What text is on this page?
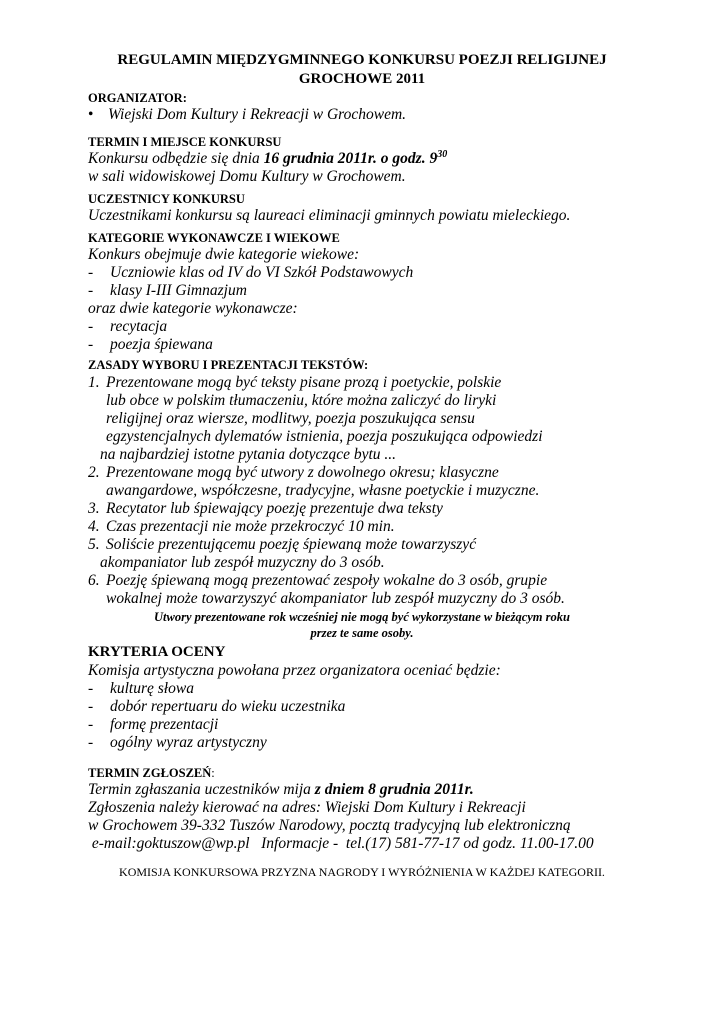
REGULAMIN MIĘDZYGMINNEGO KONKURSU POEZJI RELIGIJNEJ
GROCHOWE 2011
ORGANIZATOR:
• Wiejski Dom Kultury i Rekreacji w Grochowem.
TERMIN I MIEJSCE KONKURSU
Konkursu odbędzie się dnia 16 grudnia 2011r. o godz. $9^{30}$
w sali widowiskowej Domu Kultury w Grochowem.
UCZESTNICY KONKURSU
Uczestnikami konkursu są laureaci eliminacji gminnych powiatu mieleckiego.
KATEGORIE WYKONAWCZE I WIEKOWE
Konkurs obejmuje dwie kategorie wiekowe:
- Uczniowie klas od IV do VI Szkół Podstawowych
- klasy I-III Gimnazjum
oraz dwie kategorie wykonawcze:
- recytacja
- poezja śpiewana
ZASADY WYBORU I PREZENTACJI TEKSTÓW:
1. Prezentowane mogą być teksty pisane prozą i poetyckie, polskie
lub obce w polskim tłumaczeniu, które można zaliczyć do liryki
religijnej oraz wiersze, modlitwy, poezja poszukująca sensu
egzystencjalnych dylematów istnienia, poezja poszukująca odpowiedzi
na najbardziej istotne pytania dotyczące bytu ...
2. Prezentowane mogą być utwory z dowolnego okresu; klasyczne
awangardowe, współczesne, tradycyjne, własne poetyckie i muzyczne.
3. Recytator lub śpiewający poezję prezentuje dwa teksty
4. Czas prezentacji nie może przekroczyć 10 min.
5. Soliście prezentującemu poezję śpiewaną może towarzyszyć
akompaniator lub zespół muzyczny do 3 osób.
6. Poezję śpiewaną mogą prezentować zespoły wokalne do 3 osób, grupie
wokalnej może towarzyszyć akompaniator lub zespół muzyczny do 3 osób.
Utwory prezentowane rok wcześniej nie mogą być wykorzystane w bieżącym roku
przez te same osoby.
KRYTERIA OCENY
Komisja artystyczna powołana przez organizatora oceniać będzie:
- kulturę słowa
- dobór repertuaru do wieku uczestnika
- formę prezentacji
- ogólny wyraz artystyczny
TERMIN ZGŁOSZEŃ:
Termin zgłaszania uczestników mija z dniem 8 grudnia 2011r.
Zgłoszenia należy kierować na adres: Wiejski Dom Kultury i Rekreacji
w Grochowem 39-332 Tuszów Narodowy, pocztą tradycyjną lub elektroniczną
e-mail:goktuszow@wp.pl   Informacje -  tel.(17) 581-77-17 od godz. 11.00-17.00
KOMISJA KONKURSOWA PRZYZNA NAGRODY I WYRÓŻNIENIA W KAŻDEJ KATEGORII.
